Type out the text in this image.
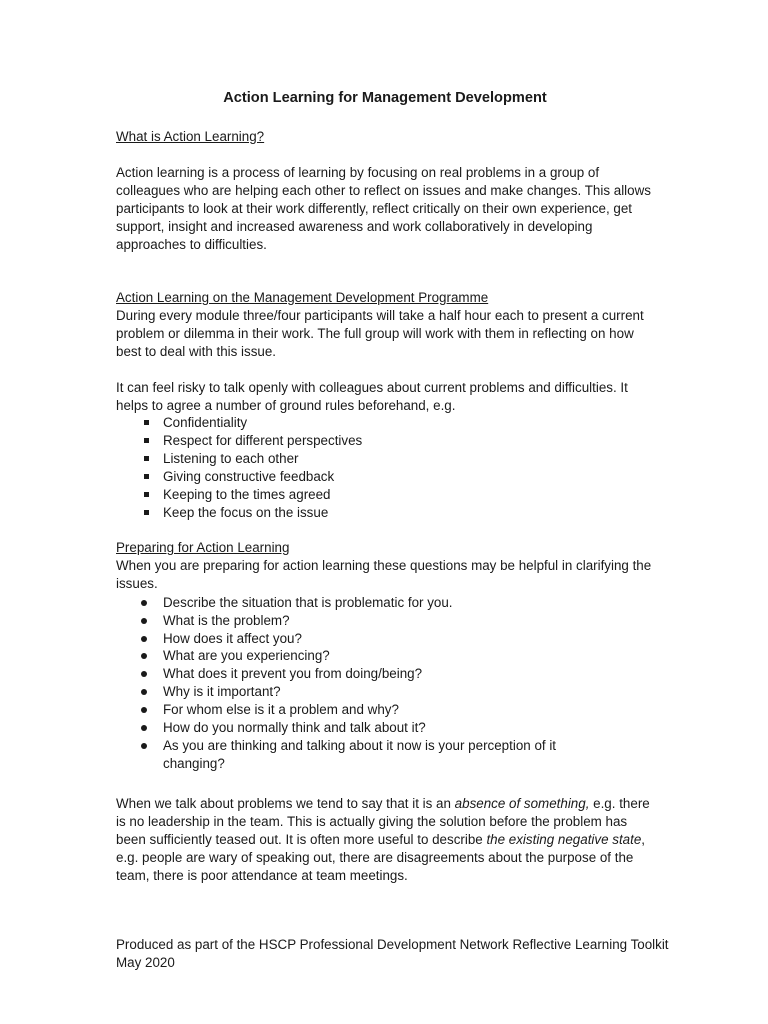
Action Learning for Management Development

What is Action Learning?

Action learning is a process of learning by focusing on real problems in a group of colleagues who are helping each other to reflect on issues and make changes. This allows participants to look at their work differently, reflect critically on their own experience, get support, insight and increased awareness and work collaboratively in developing approaches to difficulties.

Action Learning on the Management Development Programme

During every module three/four participants will take a half hour each to present a current problem or dilemma in their work. The full group will work with them in reflecting on how best to deal with this issue.

It can feel risky to talk openly with colleagues about current problems and difficulties. It helps to agree a number of ground rules beforehand, e.g.

Confidentiality
Respect for different perspectives
Listening to each other
Giving constructive feedback
Keeping to the times agreed
Keep the focus on the issue

Preparing for Action Learning

When you are preparing for action learning these questions may be helpful in clarifying the issues.

Describe the situation that is problematic for you.
What is the problem?
How does it affect you?
What are you experiencing?
What does it prevent you from doing/being?
Why is it important?
For whom else is it a problem and why?
How do you normally think and talk about it?
As you are thinking and talking about it now is your perception of it changing?

When we talk about problems we tend to say that it is an absence of something, e.g. there is no leadership in the team. This is actually giving the solution before the problem has been sufficiently teased out. It is often more useful to describe the existing negative state, e.g. people are wary of speaking out, there are disagreements about the purpose of the team, there is poor attendance at team meetings.

Produced as part of the HSCP Professional Development Network Reflective Learning Toolkit

May 2020
